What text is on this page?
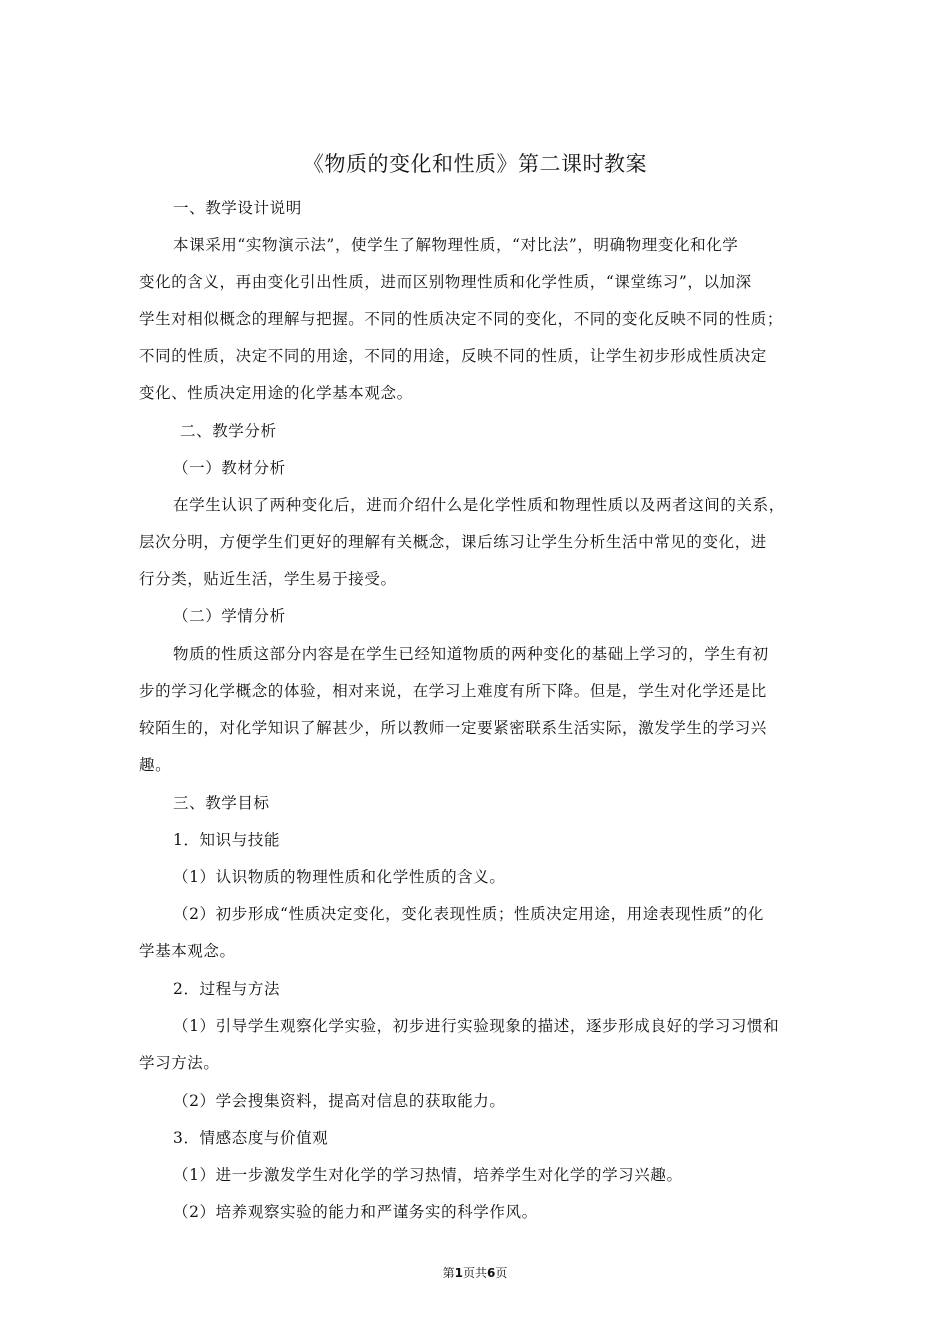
《物质的变化和性质》第二课时教案
一、教学设计说明
本课采用“实物演示法”，使学生了解物理性质，“对比法”，明确物理变化和化学
变化的含义，再由变化引出性质，进而区别物理性质和化学性质，“课堂练习”，以加深
学生对相似概念的理解与把握。不同的性质决定不同的变化，不同的变化反映不同的性质；
不同的性质，决定不同的用途，不同的用途，反映不同的性质，让学生初步形成性质决定
变化、性质决定用途的化学基本观念。
二、教学分析
（一）教材分析
在学生认识了两种变化后，进而介绍什么是化学性质和物理性质以及两者这间的关系，
层次分明，方便学生们更好的理解有关概念，课后练习让学生分析生活中常见的变化，进
行分类，贴近生活，学生易于接受。
（二）学情分析
物质的性质这部分内容是在学生已经知道物质的两种变化的基础上学习的，学生有初
步的学习化学概念的体验，相对来说，在学习上难度有所下降。但是，学生对化学还是比
较陌生的，对化学知识了解甚少，所以教师一定要紧密联系生活实际，激发学生的学习兴
趣。
三、教学目标
1．知识与技能
（1）认识物质的物理性质和化学性质的含义。
（2）初步形成“性质决定变化，变化表现性质；性质决定用途，用途表现性质”的化
学基本观念。
2．过程与方法
（1）引导学生观察化学实验，初步进行实验现象的描述，逐步形成良好的学习习惯和
学习方法。
（2）学会搜集资料，提高对信息的获取能力。
3．情感态度与价值观
（1）进一步激发学生对化学的学习热情，培养学生对化学的学习兴趣。
（2）培养观察实验的能力和严谨务实的科学作风。
第1页共6页
